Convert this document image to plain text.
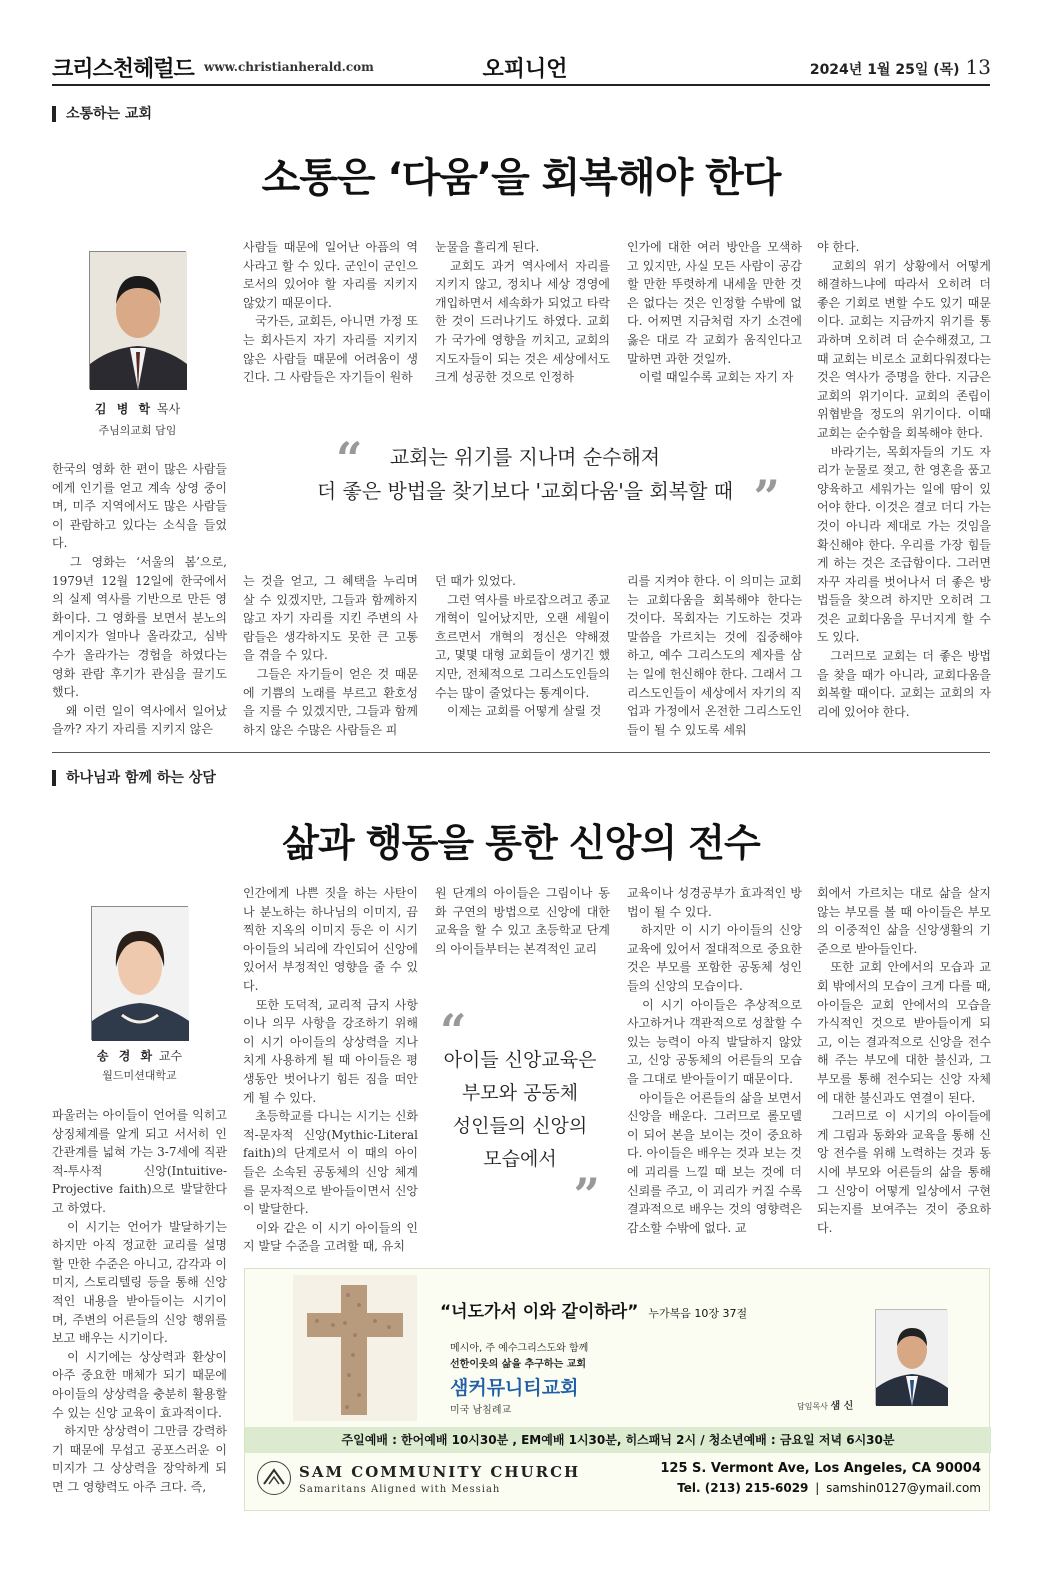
크리스천헤럴드 www.christianherald.com	오피니언	2024년 1월 25일 (목) 13
소통하는 교회
소통은 ‘다움’을 회복해야 한다
김 병 학 목사
주님의교회 담임
한국의 영화 한 편이 많은 사람들에게 인기를 얻고 계속 상영 중이며, 미주 지역에서도 많은 사람들이 관람하고 있다는 소식을 들었다.
　그 영화는 ‘서울의 봄’으로, 1979년 12월 12일에 한국에서의 실제 역사를 기반으로 만든 영화이다. 그 영화를 보면서 분노의 게이지가 얼마나 올라갔고, 심박수가 올라가는 경험을 하였다는 영화 관람 후기가 관심을 끌기도 했다.
　왜 이런 일이 역사에서 일어났을까? 자기 자리를 지키지 않은
사람들 때문에 일어난 아픔의 역사라고 할 수 있다. 군인이 군인으로서의 있어야 할 자리를 지키지 않았기 때문이다.
　국가든, 교회든, 아니면 가정 또는 회사든지 자기 자리를 지키지 않은 사람들 때문에 어려움이 생긴다. 그 사람들은 자기들이 원하
눈물을 흘리게 된다.
　교회도 과거 역사에서 자리를 지키지 않고, 정치나 세상 경영에 개입하면서 세속화가 되었고 타락한 것이 드러나기도 하였다. 교회가 국가에 영향을 끼치고, 교회의 지도자들이 되는 것은 세상에서도 크게 성공한 것으로 인정하
인가에 대한 여러 방안을 모색하고 있지만, 사실 모든 사람이 공감할 만한 뚜렷하게 내세울 만한 것은 없다는 것은 인정할 수밖에 없다. 어찌면 지금처럼 자기 소견에 옳은 대로 각 교회가 움직인다고 말하면 과한 것일까.
　이럴 때일수록 교회는 자기 자
야 한다.
　교회의 위기 상황에서 어떻게 해결하느냐에 따라서 오히려 더 좋은 기회로 변할 수도 있기 때문이다. 교회는 지금까지 위기를 통과하며 오히려 더 순수해졌고, 그 때 교회는 비로소 교회다워졌다는 것은 역사가 증명을 한다. 지금은 교회의 위기이다. 교회의 존립이 위협받을 정도의 위기이다. 이때 교회는 순수함을 회복해야 한다.
　바라기는, 목회자들의 기도 자리가 눈물로 젖고, 한 영혼을 품고 양육하고 세워가는 일에 땀이 있어야 한다. 이것은 결코 더디 가는 것이 아니라 제대로 가는 것임을 확신해야 한다. 우리를 가장 힘들게 하는 것은 조급함이다. 그러면 자꾸 자리를 벗어나서 더 좋은 방법들을 찾으려 하지만 오히려 그것은 교회다움을 무너지게 할 수도 있다.
　그러므로 교회는 더 좋은 방법을 찾을 때가 아니라, 교회다움을 회복할 때이다. 교회는 교회의 자리에 있어야 한다.
“	교회는 위기를 지나며 순수해져
더 좋은 방법을 찾기보다 '교회다움'을 회복할 때 ”
는 것을 얻고, 그 혜택을 누리며 살 수 있겠지만, 그들과 함께하지 않고 자기 자리를 지킨 주변의 사람들은 생각하지도 못한 큰 고통을 겪을 수 있다.
　그들은 자기들이 얻은 것 때문에 기쁨의 노래를 부르고 환호성을 지를 수 있겠지만, 그들과 함께하지 않은 수많은 사람들은 피
던 때가 있었다.
　그런 역사를 바로잡으려고 종교개혁이 일어났지만, 오랜 세월이 흐르면서 개혁의 정신은 약해졌고, 몇몇 대형 교회들이 생기긴 했지만, 전체적으로 그리스도인들의 수는 많이 줄었다는 통계이다.
　이제는 교회를 어떻게 살릴 것
리를 지켜야 한다. 이 의미는 교회는 교회다움을 회복해야 한다는 것이다. 목회자는 기도하는 것과 말씀을 가르치는 것에 집중해야 하고, 예수 그리스도의 제자를 삼는 일에 헌신해야 한다. 그래서 그리스도인들이 세상에서 자기의 직업과 가정에서 온전한 그리스도인들이 될 수 있도록 세워
하나님과 함께 하는 상담
삶과 행동을 통한 신앙의 전수
송 경 화 교수
월드미션대학교
파울러는 아이들이 언어를 익히고 상징체계를 알게 되고 서서히 인간관계를 넓혀 가는 3-7세에 직관적-투사적 신앙(Intuitive-Projective faith)으로 발달한다고 하였다.
　이 시기는 언어가 발달하기는 하지만 아직 정교한 교리를 설명할 만한 수준은 아니고, 감각과 이미지, 스토리텔링 등을 통해 신앙적인 내용을 받아들이는 시기이며, 주변의 어른들의 신앙 행위를 보고 배우는 시기이다.
　이 시기에는 상상력과 환상이 아주 중요한 매체가 되기 때문에 아이들의 상상력을 충분히 활용할 수 있는 신앙 교육이 효과적이다.
　하지만 상상력이 그만큼 강력하기 때문에 무섭고 공포스러운 이미지가 그 상상력을 장악하게 되면 그 영향력도 아주 크다. 즉,
인간에게 나쁜 짓을 하는 사탄이나 분노하는 하나님의 이미지, 끔찍한 지옥의 이미지 등은 이 시기 아이들의 뇌리에 각인되어 신앙에 있어서 부정적인 영향을 줄 수 있다.
　또한 도덕적, 교리적 금지 사항이나 의무 사항을 강조하기 위해 이 시기 아이들의 상상력을 지나치게 사용하게 될 때 아이들은 평생동안 벗어나기 힘든 짐을 떠안게 될 수 있다.
　초등학교를 다니는 시기는 신화적-문자적 신앙(Mythic-Literal faith)의 단계로서 이 때의 아이들은 소속된 공동체의 신앙 체계를 문자적으로 받아들이면서 신앙이 발달한다.
　이와 같은 이 시기 아이들의 인지 발달 수준을 고려할 때, 유치
원 단계의 아이들은 그림이나 동화 구연의 방법으로 신앙에 대한 교육을 할 수 있고 초등학교 단계의 아이들부터는 본격적인 교리
교육이나 성경공부가 효과적인 방법이 될 수 있다.
　하지만 이 시기 아이들의 신앙교육에 있어서 절대적으로 중요한 것은 부모를 포함한 공동체 성인들의 신앙의 모습이다.
　이 시기 아이들은 추상적으로 사고하거나 객관적으로 성찰할 수 있는 능력이 아직 발달하지 않았고, 신앙 공동체의 어른들의 모습을 그대로 받아들이기 때문이다.
　아이들은 어른들의 삶을 보면서 신앙을 배운다. 그러므로 롤모델이 되어 본을 보이는 것이 중요하다. 아이들은 배우는 것과 보는 것에 괴리를 느낄 때 보는 것에 더 신뢰를 주고, 이 괴리가 커질 수록 결과적으로 배우는 것의 영향력은 감소할 수밖에 없다. 교
회에서 가르치는 대로 삶을 살지 않는 부모를 볼 때 아이들은 부모의 이중적인 삶을 신앙생활의 기준으로 받아들인다.
　또한 교회 안에서의 모습과 교회 밖에서의 모습이 크게 다를 때, 아이들은 교회 안에서의 모습을 가식적인 것으로 받아들이게 되고, 이는 결과적으로 신앙을 전수해 주는 부모에 대한 불신과, 그 부모를 통해 전수되는 신앙 자체에 대한 불신과도 연결이 된다.
　그러므로 이 시기의 아이들에게 그림과 동화와 교육을 통해 신앙 전수를 위해 노력하는 것과 동시에 부모와 어른들의 삶을 통해 그 신앙이 어떻게 일상에서 구현되는지를 보여주는 것이 중요하다.
“
아이들 신앙교육은
부모와 공동체
성인들의 신앙의
모습에서
”
“너도가서 이와 같이하라” 누가복음 10장 37절
메시아, 주 예수그리스도와 함께
선한이웃의 삶을 추구하는 교회
샘커뮤니티교회
미국 남침례교	담임목사 샘 신
주일예배 : 한어예배 10시30분 , EM예배 1시30분, 히스패닉 2시 / 청소년예배 : 금요일 저녁 6시30분
SAM COMMUNITY CHURCH
Samaritans Aligned with Messiah
125 S. Vermont Ave, Los Angeles, CA 90004
Tel. (213) 215-6029 | samshin0127@ymail.com
